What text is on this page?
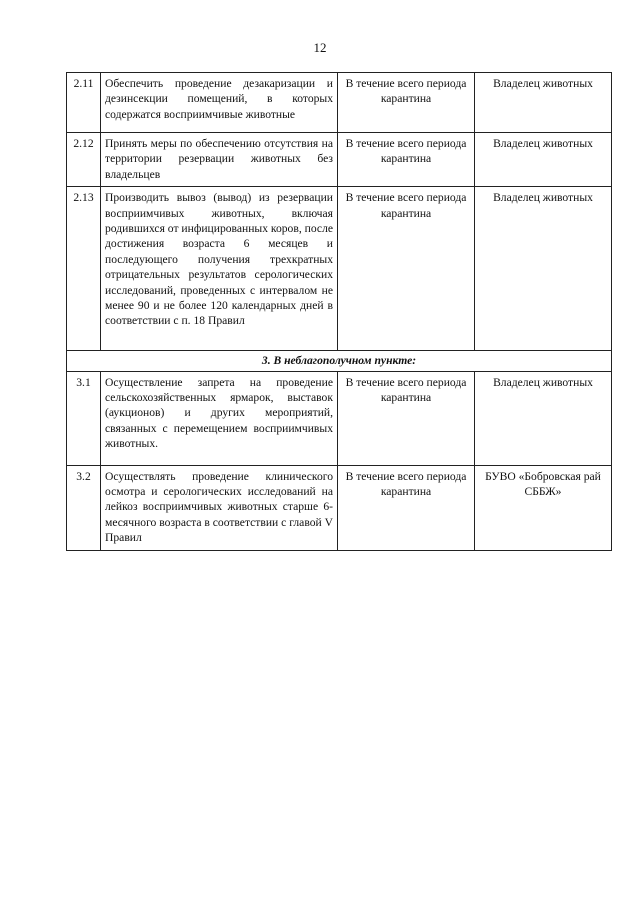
12
2.11	Обеспечить проведение дезакаризации и дезинсекции помещений, в которых содержатся восприимчивые животные	В течение всего периода карантина	Владелец животных
2.12	Принять меры по обеспечению отсутствия на территории резервации животных без владельцев	В течение всего периода карантина	Владелец животных
2.13	Производить вывоз (вывод) из резервации восприимчивых животных, включая родившихся от инфицированных коров, после достижения возраста 6 месяцев и последующего получения трехкратных отрицательных результатов серологических исследований, проведенных с интервалом не менее 90 и не более 120 календарных дней в соответствии с п. 18 Правил	В течение всего периода карантина	Владелец животных
3. В неблагополучном пункте:			
3.1	Осуществление запрета на проведение сельскохозяйственных ярмарок, выставок (аукционов) и других мероприятий, связанных с перемещением восприимчивых животных.	В течение всего периода карантина	Владелец животных
3.2	Осуществлять проведение клинического осмотра и серологических исследований на лейкоз восприимчивых животных старше 6-месячного возраста в соответствии с главой V Правил	В течение всего периода карантина	БУВО «Бобровская рай СББЖ»
